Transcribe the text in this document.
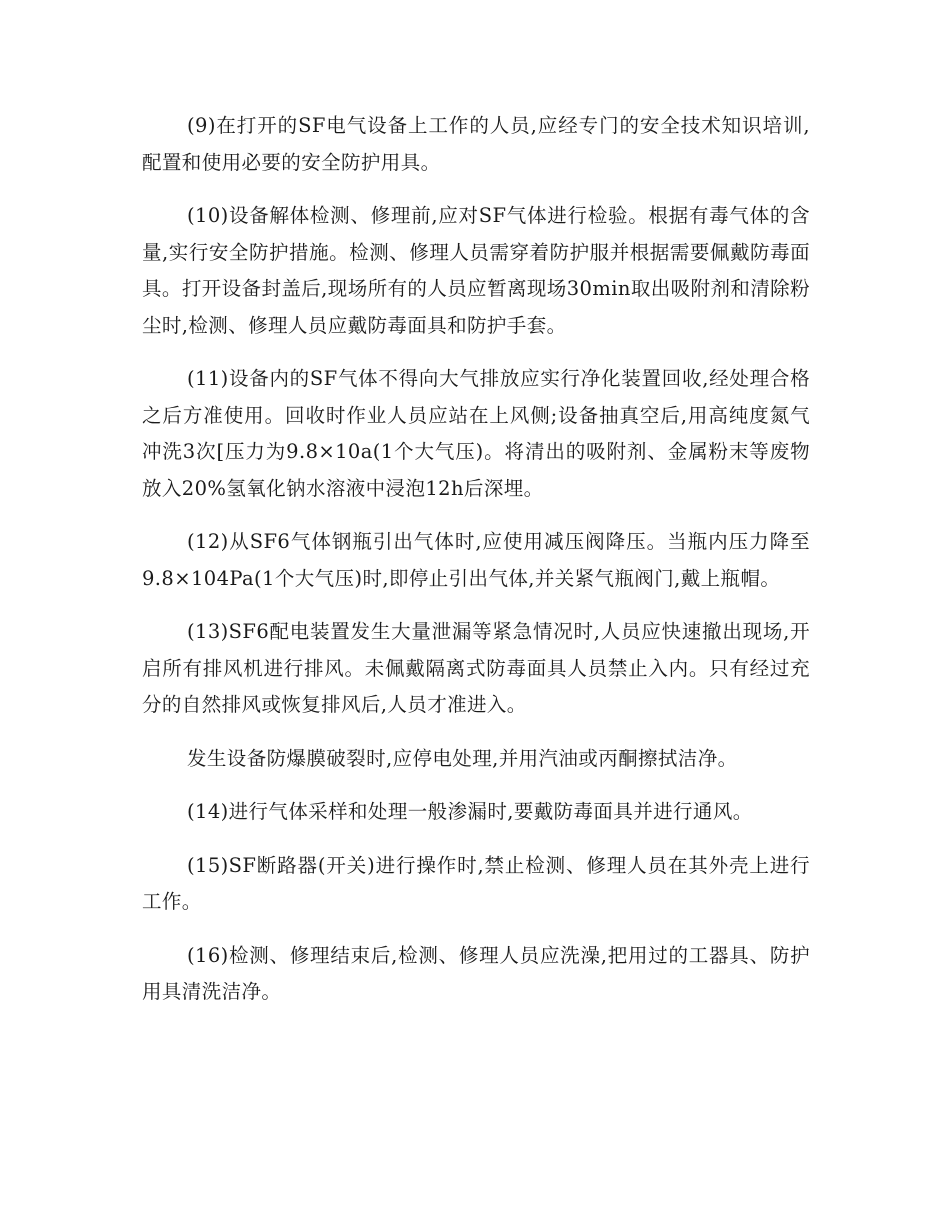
(9)在打开的SF电气设备上工作的人员,应经专门的安全技术知识培训,配置和使用必要的安全防护用具。

(10)设备解体检测、修理前,应对SF气体进行检验。根据有毒气体的含量,实行安全防护措施。检测、修理人员需穿着防护服并根据需要佩戴防毒面具。打开设备封盖后,现场所有的人员应暂离现场30min取出吸附剂和清除粉尘时,检测、修理人员应戴防毒面具和防护手套。

(11)设备内的SF气体不得向大气排放应实行净化装置回收,经处理合格之后方准使用。回收时作业人员应站在上风侧;设备抽真空后,用高纯度氮气冲洗3次[压力为9.8×10a(1个大气压)。将清出的吸附剂、金属粉末等废物放入20%氢氧化钠水溶液中浸泡12h后深埋。

(12)从SF6气体钢瓶引出气体时,应使用减压阀降压。当瓶内压力降至9.8×104Pa(1个大气压)时,即停止引出气体,并关紧气瓶阀门,戴上瓶帽。

(13)SF6配电装置发生大量泄漏等紧急情况时,人员应快速撤出现场,开启所有排风机进行排风。未佩戴隔离式防毒面具人员禁止入内。只有经过充分的自然排风或恢复排风后,人员才准进入。

发生设备防爆膜破裂时,应停电处理,并用汽油或丙酮擦拭洁净。

(14)进行气体采样和处理一般渗漏时,要戴防毒面具并进行通风。

(15)SF断路器(开关)进行操作时,禁止检测、修理人员在其外壳上进行工作。

(16)检测、修理结束后,检测、修理人员应洗澡,把用过的工器具、防护用具清洗洁净。
